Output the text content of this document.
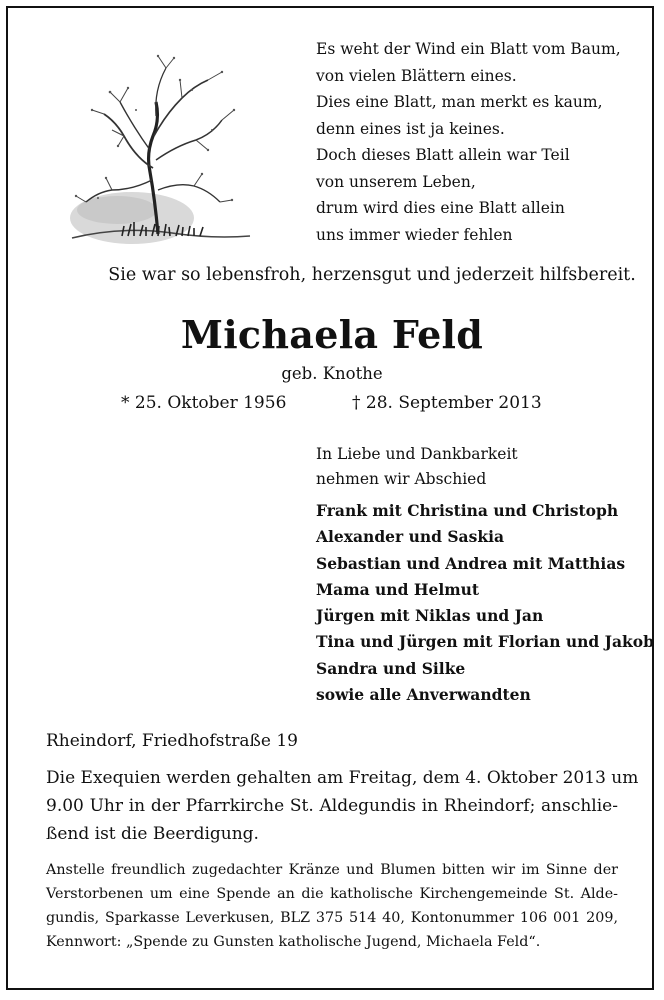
Es weht der Wind ein Blatt vom Baum,
von vielen Blättern eines.
Dies eine Blatt, man merkt es kaum,
denn eines ist ja keines.
Doch dieses Blatt allein war Teil
von unserem Leben,
drum wird dies eine Blatt allein
uns immer wieder fehlen
Sie war so lebensfroh, herzensgut und jederzeit hilfsbereit.
Michaela Feld
geb. Knothe
* 25. Oktober 1956	† 28. September 2013
In Liebe und Dankbarkeit
nehmen wir Abschied
Frank mit Christina und Christoph
Alexander und Saskia
Sebastian und Andrea mit Matthias
Mama und Helmut
Jürgen mit Niklas und Jan
Tina und Jürgen mit Florian und Jakob
Sandra und Silke
sowie alle Anverwandten
Rheindorf, Friedhofstraße 19
Die Exequien werden gehalten am Freitag, dem 4. Oktober 2013 um
9.00 Uhr in der Pfarrkirche St. Aldegundis in Rheindorf; anschlie-
ßend ist die Beerdigung.
Anstelle freundlich zugedachter Kränze und Blumen bitten wir im Sinne der
Verstorbenen um eine Spende an die katholische Kirchengemeinde St. Alde-
gundis, Sparkasse Leverkusen, BLZ 375 514 40, Kontonummer 106 001 209,
Kennwort: „Spende zu Gunsten katholische Jugend, Michaela Feld“.
